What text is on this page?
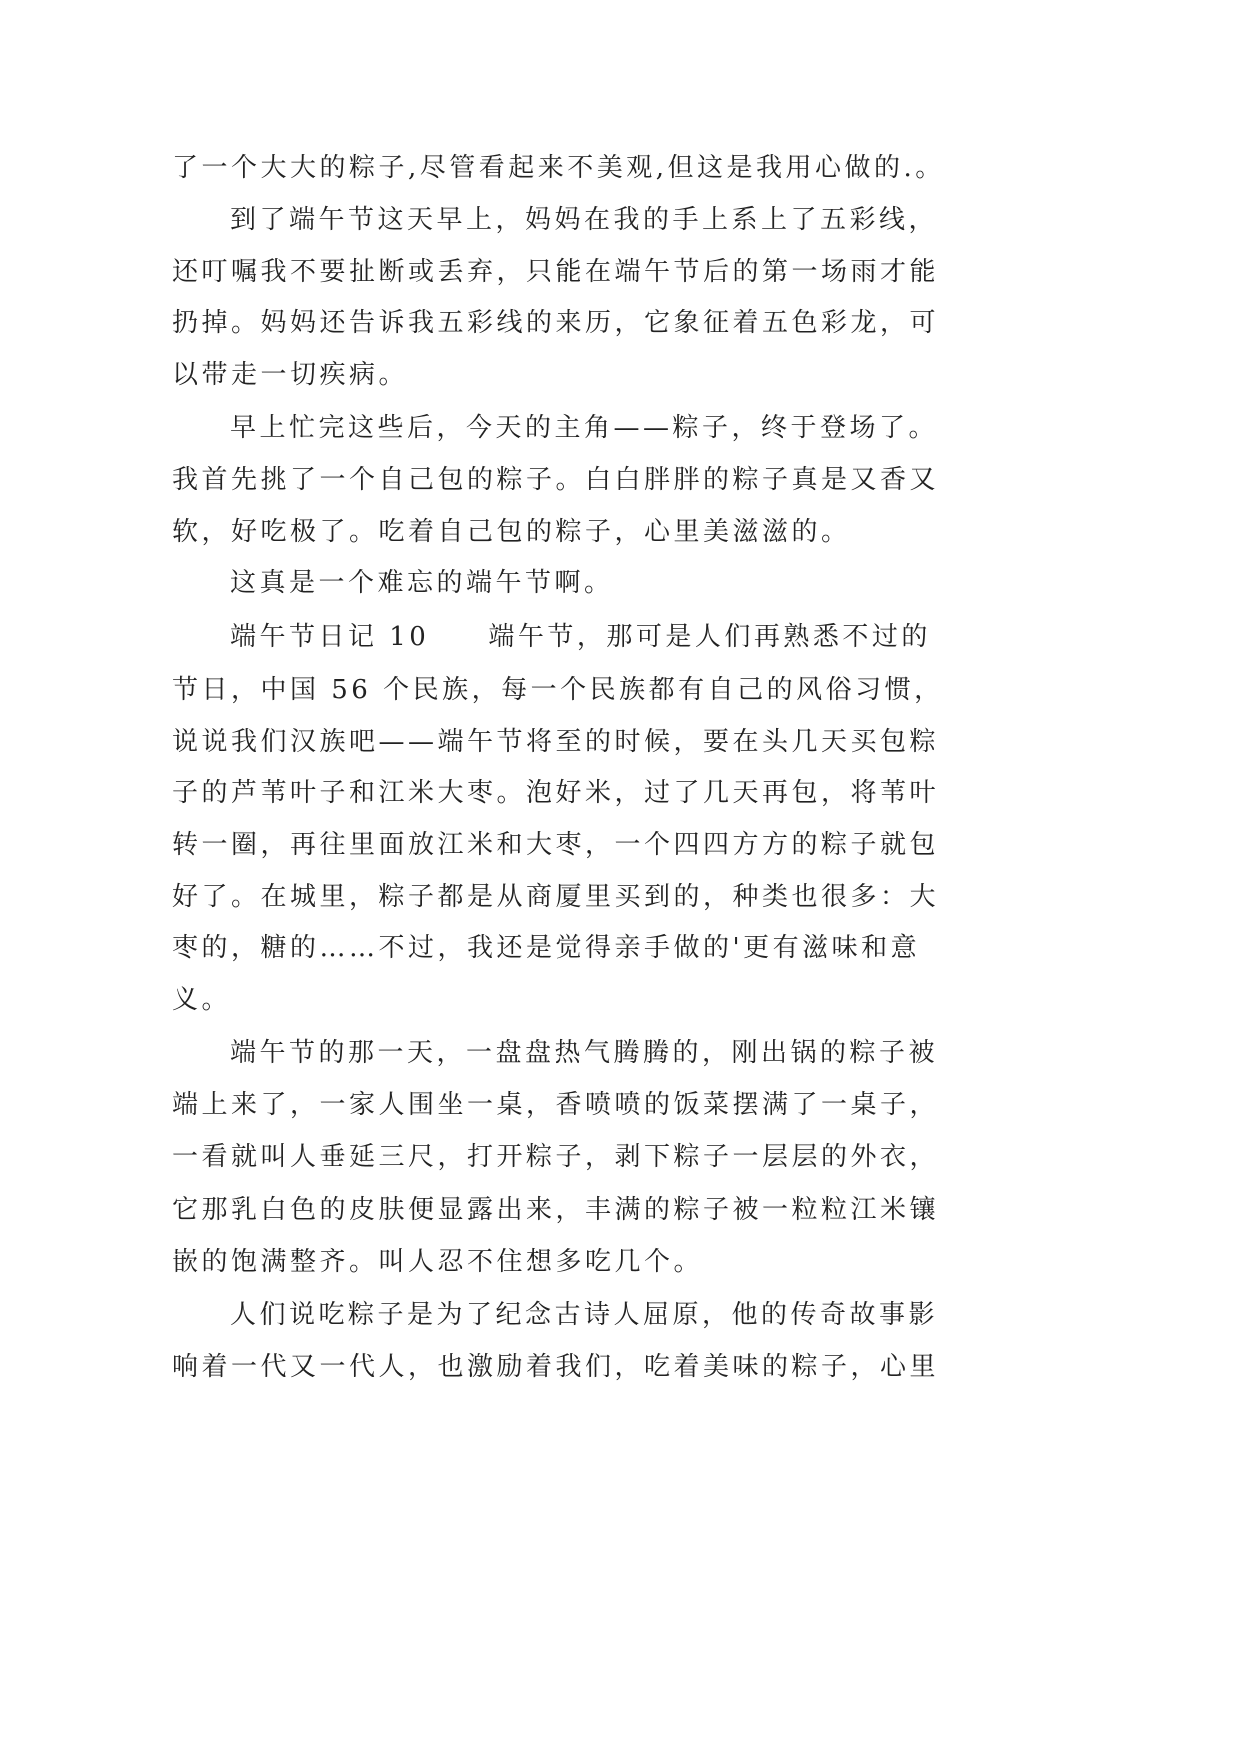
了一个大大的粽子,尽管看起来不美观,但这是我用心做的.。
到了端午节这天早上，妈妈在我的手上系上了五彩线，
还叮嘱我不要扯断或丢弃，只能在端午节后的第一场雨才能
扔掉。妈妈还告诉我五彩线的来历，它象征着五色彩龙，可
以带走一切疾病。
早上忙完这些后，今天的主角——粽子，终于登场了。
我首先挑了一个自己包的粽子。白白胖胖的粽子真是又香又
软，好吃极了。吃着自己包的粽子，心里美滋滋的。
这真是一个难忘的端午节啊。
端午节日记 10　　端午节，那可是人们再熟悉不过的
节日，中国 56 个民族，每一个民族都有自己的风俗习惯，
说说我们汉族吧——端午节将至的时候，要在头几天买包粽
子的芦苇叶子和江米大枣。泡好米，过了几天再包，将苇叶
转一圈，再往里面放江米和大枣，一个四四方方的粽子就包
好了。在城里，粽子都是从商厦里买到的，种类也很多：大
枣的，糖的……不过，我还是觉得亲手做的'更有滋味和意
义。
端午节的那一天，一盘盘热气腾腾的，刚出锅的粽子被
端上来了，一家人围坐一桌，香喷喷的饭菜摆满了一桌子，
一看就叫人垂延三尺，打开粽子，剥下粽子一层层的外衣，
它那乳白色的皮肤便显露出来，丰满的粽子被一粒粒江米镶
嵌的饱满整齐。叫人忍不住想多吃几个。
人们说吃粽子是为了纪念古诗人屈原，他的传奇故事影
响着一代又一代人，也激励着我们，吃着美味的粽子，心里
